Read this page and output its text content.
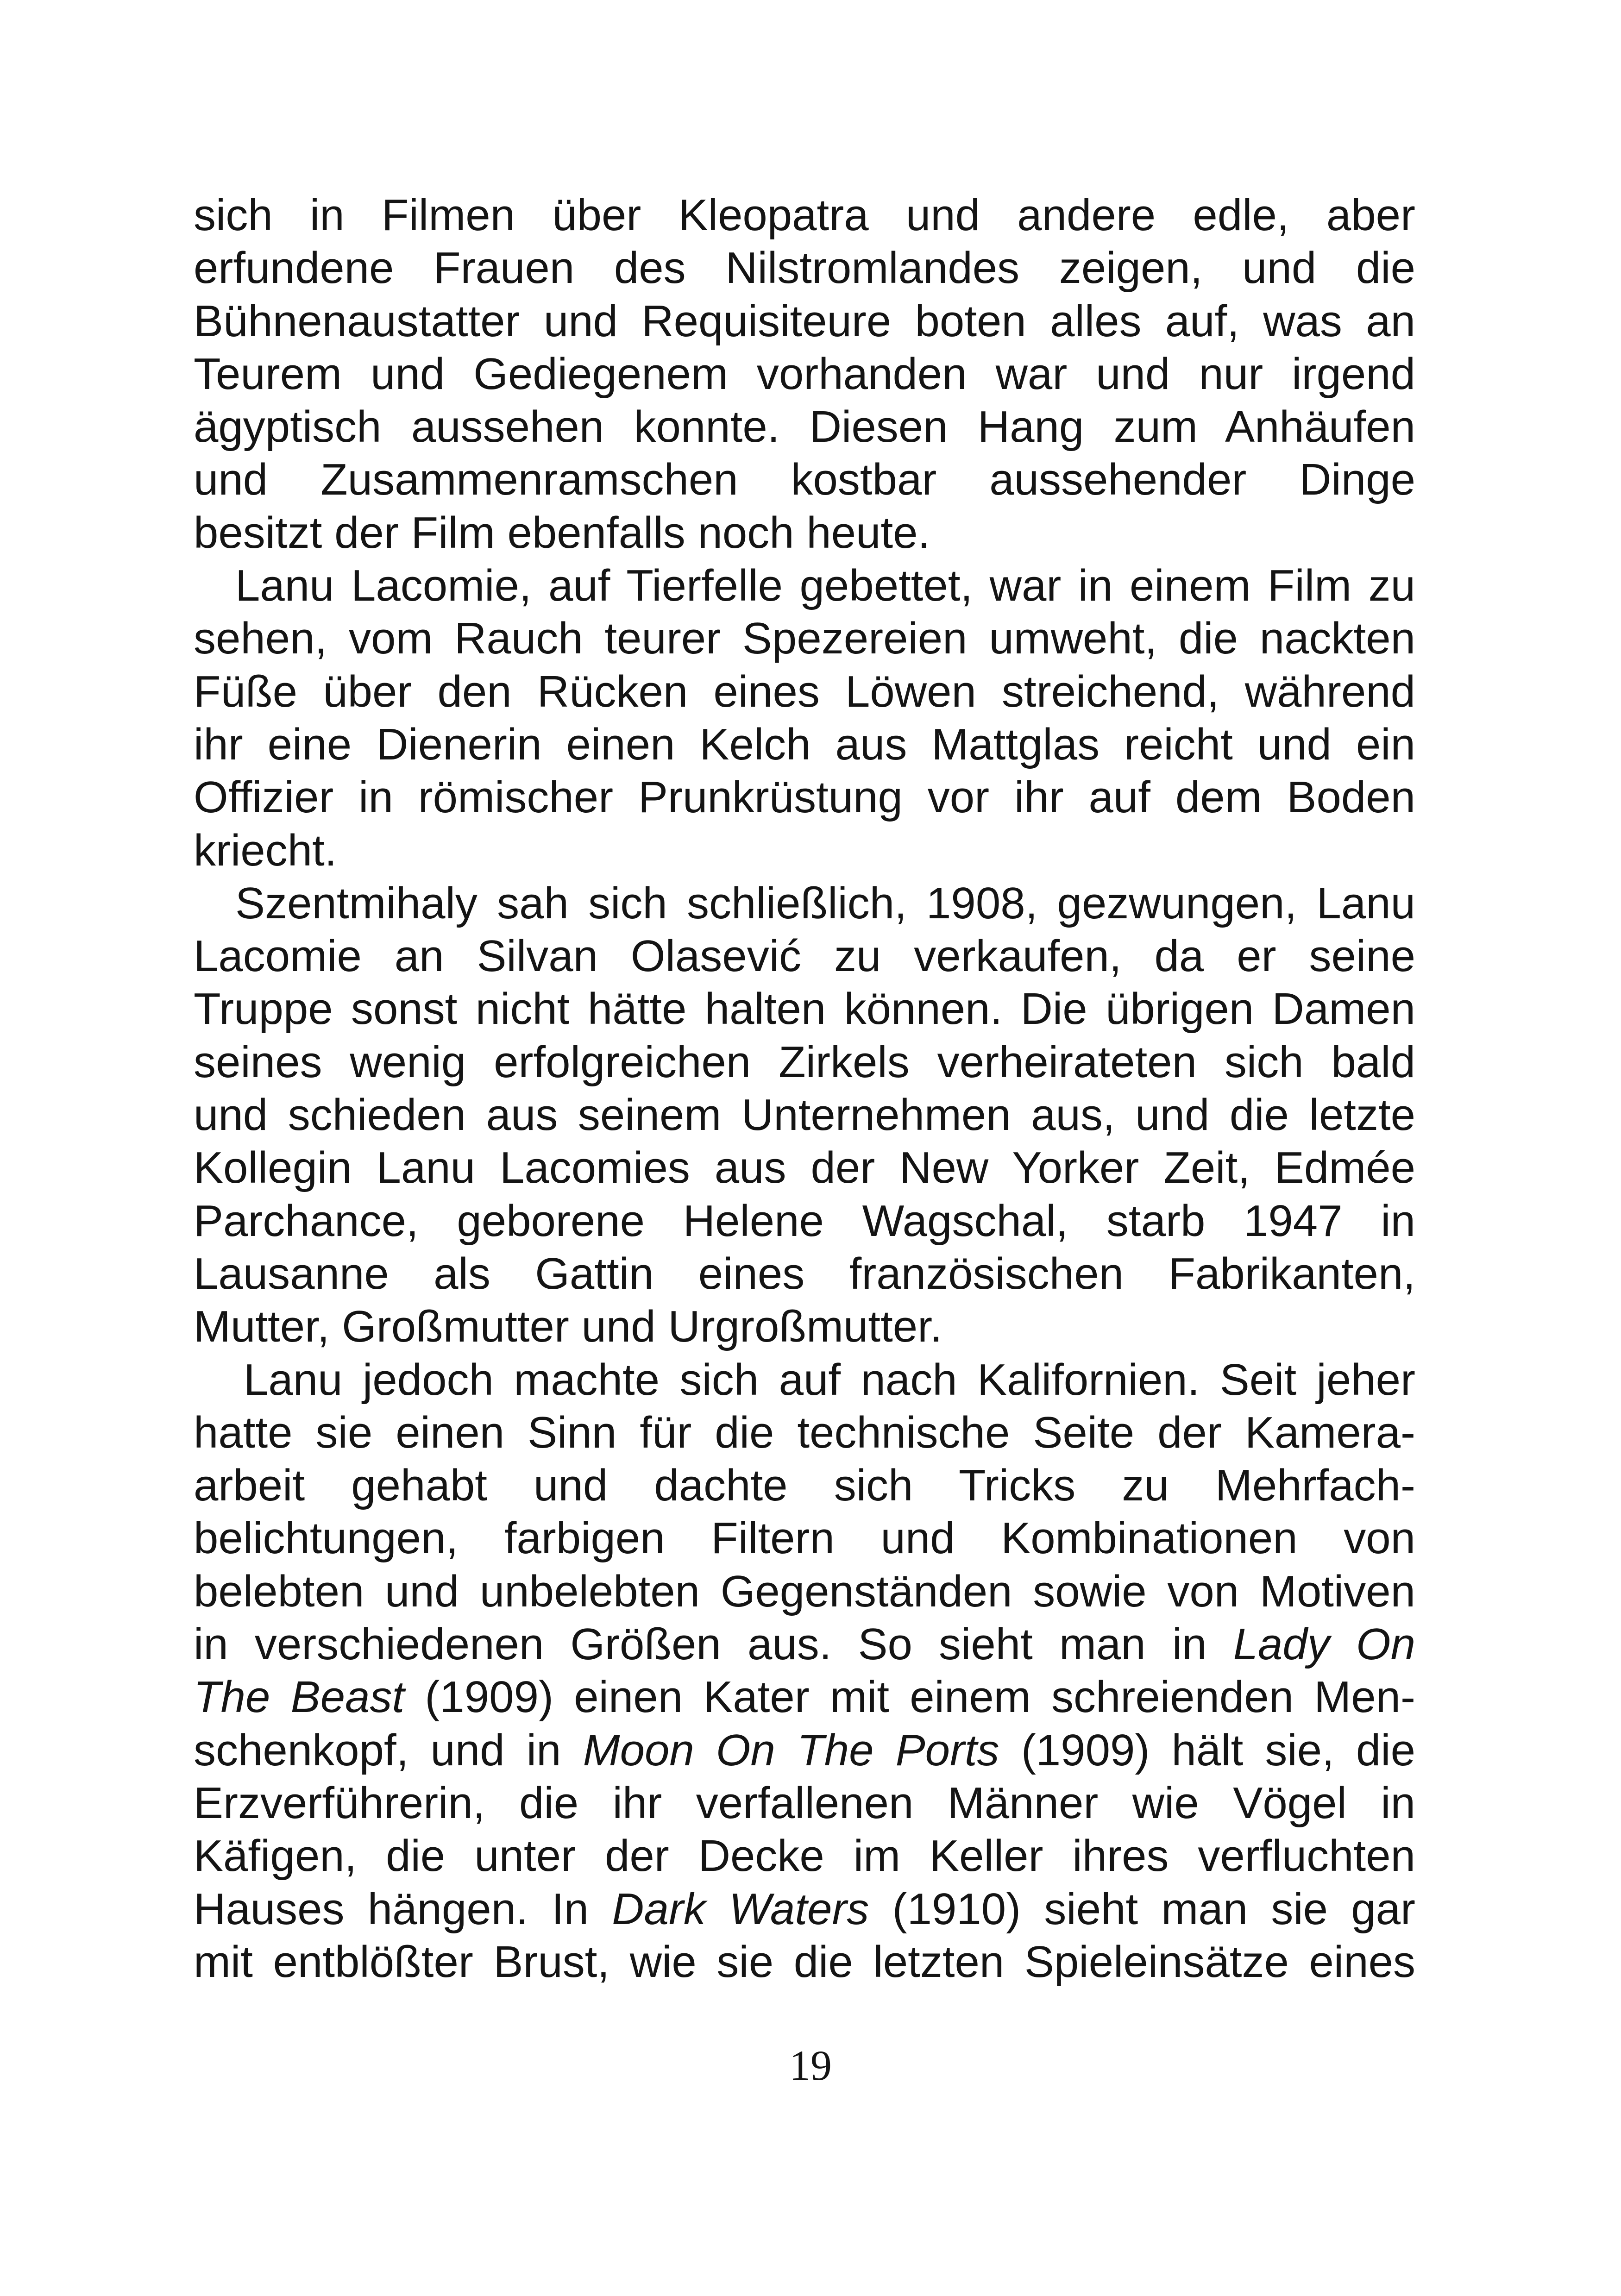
sich in Filmen über Kleopatra und andere edle, aber
erfundene Frauen des Nilstromlandes zeigen, und die
Bühnenaustatter und Requisiteure boten alles auf, was an
Teurem und Gediegenem vorhanden war und nur irgend
ägyptisch aussehen konnte. Diesen Hang zum Anhäufen
und Zusammenramschen kostbar aussehender Dinge
besitzt der Film ebenfalls noch heute.
Lanu Lacomie, auf Tierfelle gebettet, war in einem Film zu
sehen, vom Rauch teurer Spezereien umweht, die nackten
Füße über den Rücken eines Löwen streichend, während
ihr eine Dienerin einen Kelch aus Mattglas reicht und ein
Offizier in römischer Prunkrüstung vor ihr auf dem Boden
kriecht.
Szentmihaly sah sich schließlich, 1908, gezwungen, Lanu
Lacomie an Silvan Olasević zu verkaufen, da er seine
Truppe sonst nicht hätte halten können. Die übrigen Damen
seines wenig erfolgreichen Zirkels verheirateten sich bald
und schieden aus seinem Unternehmen aus, und die letzte
Kollegin Lanu Lacomies aus der New Yorker Zeit, Edmée
Parchance, geborene Helene Wagschal, starb 1947 in
Lausanne als Gattin eines französischen Fabrikanten,
Mutter, Großmutter und Urgroßmutter.
Lanu jedoch machte sich auf nach Kalifornien. Seit jeher
hatte sie einen Sinn für die technische Seite der Kamera-
arbeit gehabt und dachte sich Tricks zu Mehrfach-
belichtungen, farbigen Filtern und Kombinationen von
belebten und unbelebten Gegenständen sowie von Motiven
in verschiedenen Größen aus. So sieht man in Lady On
The Beast (1909) einen Kater mit einem schreienden Men-
schenkopf, und in Moon On The Ports (1909) hält sie, die
Erzverführerin, die ihr verfallenen Männer wie Vögel in
Käfigen, die unter der Decke im Keller ihres verfluchten
Hauses hängen. In Dark Waters (1910) sieht man sie gar
mit entblößter Brust, wie sie die letzten Spieleinsätze eines
19
